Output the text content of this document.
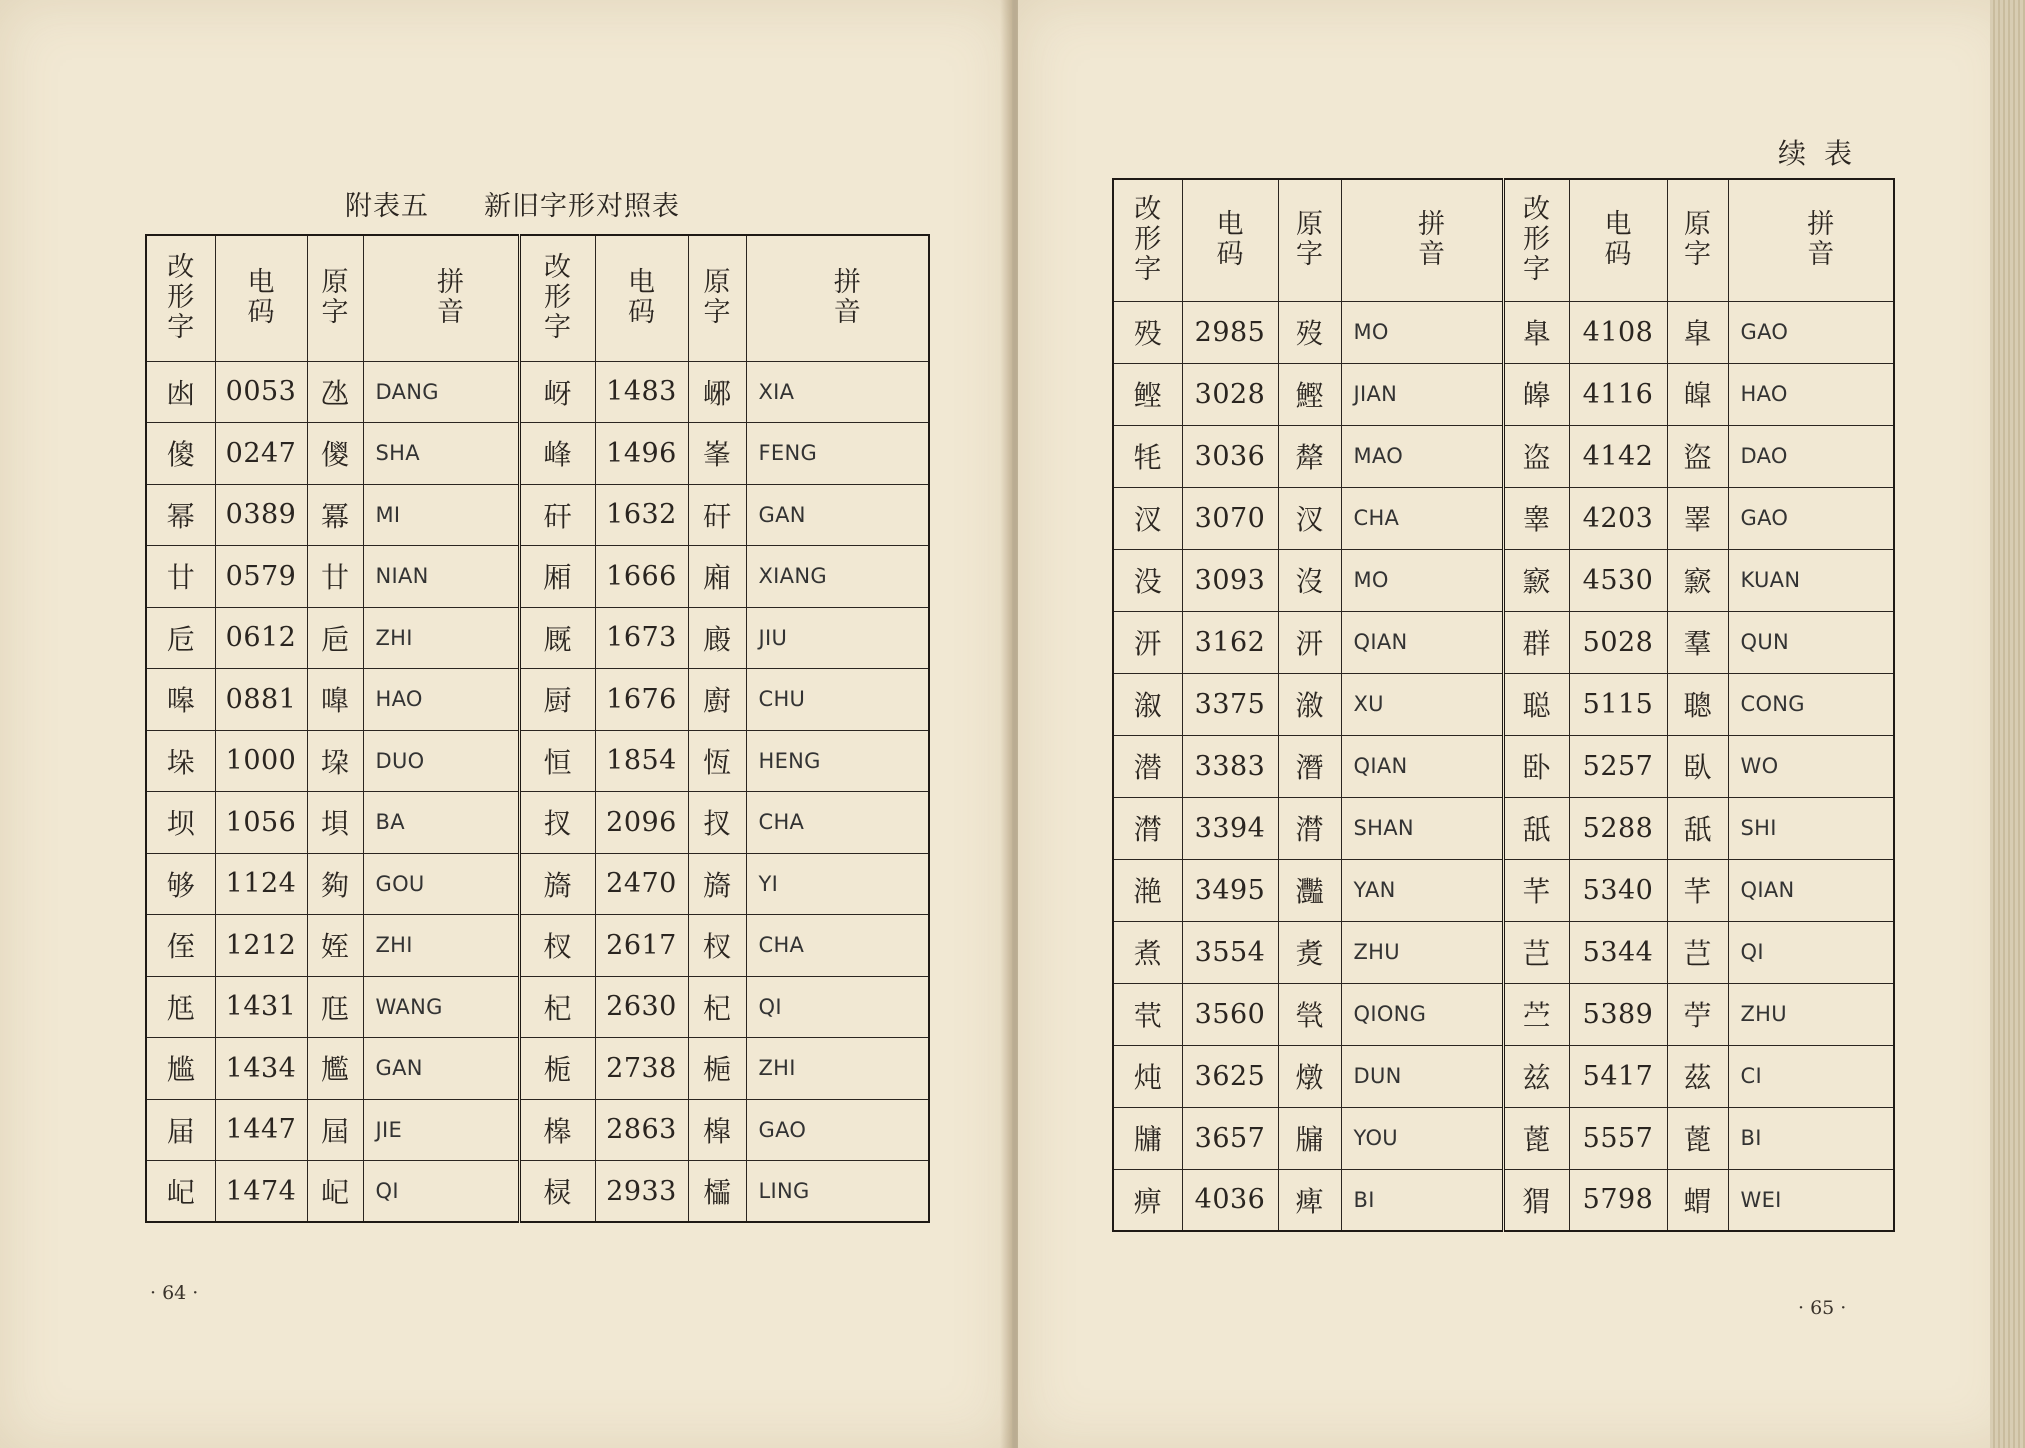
附表五 新旧字形对照表
改形字	电码	原字	拼音	改形字	电码	原字	拼音
凼	0053	氹	DANG	岈	1483	峫	XIA
傻	0247	儍	SHA	峰	1496	峯	FENG
幂	0389	冪	MI	矸	1632	矸	GAN
廿	0579	廿	NIAN	厢	1666	廂	XIANG
卮	0612	巵	ZHI	厩	1673	廄	JIU
嗥	0881	嘷	HAO	厨	1676	廚	CHU
垛	1000	垜	DUO	恒	1854	恆	HENG
坝	1056	垻	BA	扠	2096	扠	CHA
够	1124	夠	GOU	旖	2470	旖	YI
侄	1212	姪	ZHI	杈	2617	杈	CHA
尪	1431	尫	WANG	杞	2630	杞	QI
尴	1434	尷	GAN	栀	2738	梔	ZHI
届	1447	屆	JIE	槔	2863	槹	GAO
屺	1474	屺	QI	棂	2933	櫺	LING
· 64 ·
续表
改形字	电码	原字	拼音	改形字	电码	原字	拼音
殁	2985	歿	MO	臯	4108	皐	GAO
鲣	3028	鰹	JIAN	皞	4116	皡	HAO
牦	3036	犛	MAO	盗	4142	盜	DAO
汊	3070	汊	CHA	睾	4203	睪	GAO
没	3093	沒	MO	窾	4530	窾	KUAN
汧	3162	汧	QIAN	群	5028	羣	QUN
溆	3375	漵	XU	聪	5115	聰	CONG
潜	3383	潛	QIAN	卧	5257	臥	WO
潸	3394	潸	SHAN	舐	5288	舐	SHI
滟	3495	灩	YAN	芊	5340	芊	QIAN
煮	3554	煑	ZHU	芑	5344	芑	QI
茕	3560	煢	QIONG	苎	5389	苧	ZHU
炖	3625	燉	DUN	兹	5417	茲	CI
牗	3657	牖	YOU	蓖	5557	蓖	BI
痹	4036	痺	BI	猬	5798	蝟	WEI
· 65 ·
